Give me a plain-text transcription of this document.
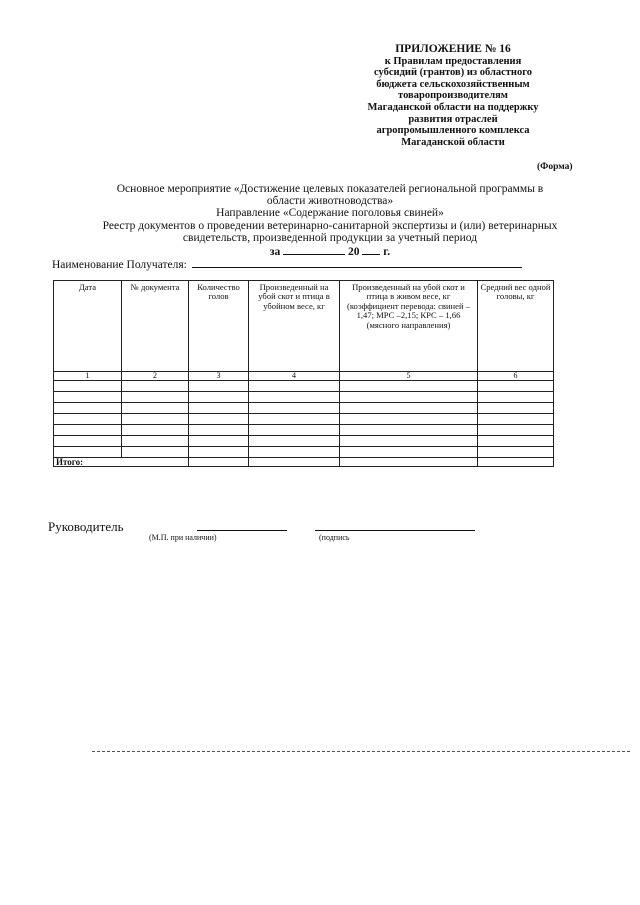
ПРИЛОЖЕНИЕ № 16
к Правилам предоставления
субсидий (грантов) из областного
бюджета сельскохозяйственным
товаропроизводителям
Магаданской области на поддержку
развития отраслей
агропромышленного комплекса
Магаданской области
(Форма)
Основное мероприятие «Достижение целевых показателей региональной программы в
области животноводства»
Направление «Содержание поголовья свиней»
Реестр документов о проведении ветеринарно-санитарной экспертизы и (или) ветеринарных
свидетельств, произведенной продукции за учетный период
за	20 г.
Наименование Получателя:
Дата	№ документа	Количество голов	Произведенный на убой скот и птица в убойном весе, кг	Произведенный на убой скот и птица в живом весе, кг (коэффициент перевода: свиней – 1,47; МРС –2,15; КРС – 1,66 (мясного направления)	Средний вес одной головы, кг
1	2	3	4	5	6

Итого:					
Руководитель
(М.П. при наличии)	(подпись
